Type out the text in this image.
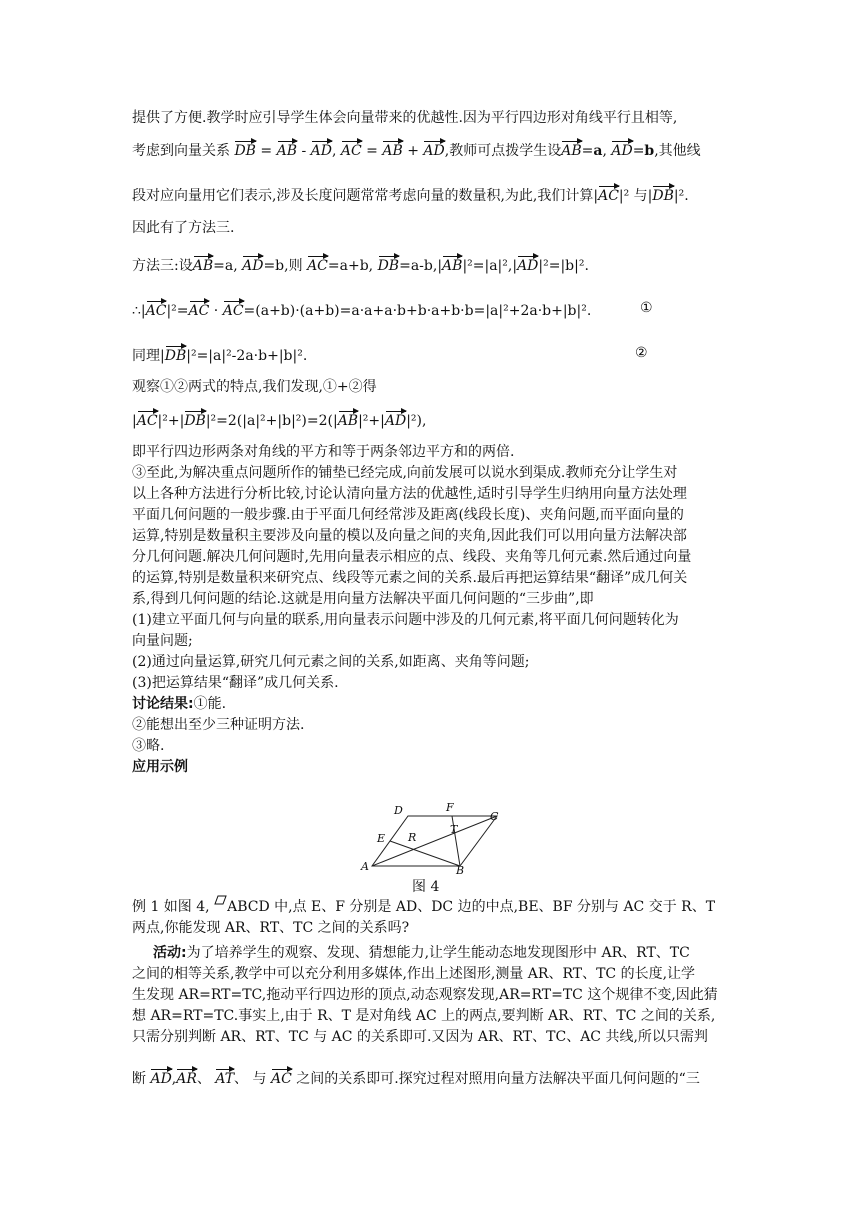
提供了方便.教学时应引导学生体会向量带来的优越性.因为平行四边形对角线平行且相等,
考虑到向量关系 DB = AB - AD, AC = AB + AD,教师可点拨学生设AB=a, AD=b,其他线
段对应向量用它们表示,涉及长度问题常常考虑向量的数量积,为此,我们计算|AC|² 与|DB|².
因此有了方法三.
方法三:设AB=a, AD=b,则 AC=a+b, DB=a-b,|AB|²=|a|²,|AD|²=|b|².
∴|AC|²=AC · AC=(a+b)·(a+b)=a·a+a·b+b·a+b·b=|a|²+2a·b+|b|².	①
同理|DB|²=|a|²-2a·b+|b|².	②
观察①②两式的特点,我们发现,①+②得
|AC|²+|DB|²=2(|a|²+|b|²)=2(|AB|²+|AD|²),
即平行四边形两条对角线的平方和等于两条邻边平方和的两倍.
③至此,为解决重点问题所作的铺垫已经完成,向前发展可以说水到渠成.教师充分让学生对
以上各种方法进行分析比较,讨论认清向量方法的优越性,适时引导学生归纳用向量方法处理
平面几何问题的一般步骤.由于平面几何经常涉及距离(线段长度)、夹角问题,而平面向量的
运算,特别是数量积主要涉及向量的模以及向量之间的夹角,因此我们可以用向量方法解决部
分几何问题.解决几何问题时,先用向量表示相应的点、线段、夹角等几何元素.然后通过向量
的运算,特别是数量积来研究点、线段等元素之间的关系.最后再把运算结果“翻译”成几何关
系,得到几何问题的结论.这就是用向量方法解决平面几何问题的“三步曲”,即
(1)建立平面几何与向量的联系,用向量表示问题中涉及的几何元素,将平面几何问题转化为
向量问题;
(2)通过向量运算,研究几何元素之间的关系,如距离、夹角等问题;
(3)把运算结果“翻译”成几何关系.
讨论结果:①能.
②能想出至少三种证明方法.
③略.
应用示例
D	F
C
E
T
R
A	B
图 4
例 1 如图 4,
ABCD 中,点 E、F 分别是 AD、DC 边的中点,BE、BF 分别与 AC 交于 R、T
两点,你能发现 AR、RT、TC 之间的关系吗?
  活动:为了培养学生的观察、发现、猜想能力,让学生能动态地发现图形中 AR、RT、TC
之间的相等关系,教学中可以充分利用多媒体,作出上述图形,测量 AR、RT、TC 的长度,让学
生发现 AR=RT=TC,拖动平行四边形的顶点,动态观察发现,AR=RT=TC 这个规律不变,因此猜
想 AR=RT=TC.事实上,由于 R、T 是对角线 AC 上的两点,要判断 AR、RT、TC 之间的关系,
只需分别判断 AR、RT、TC 与 AC 的关系即可.又因为 AR、RT、TC、AC 共线,所以只需判
断 AD,AR、 AT、 与 AC 之间的关系即可.探究过程对照用向量方法解决平面几何问题的“三
